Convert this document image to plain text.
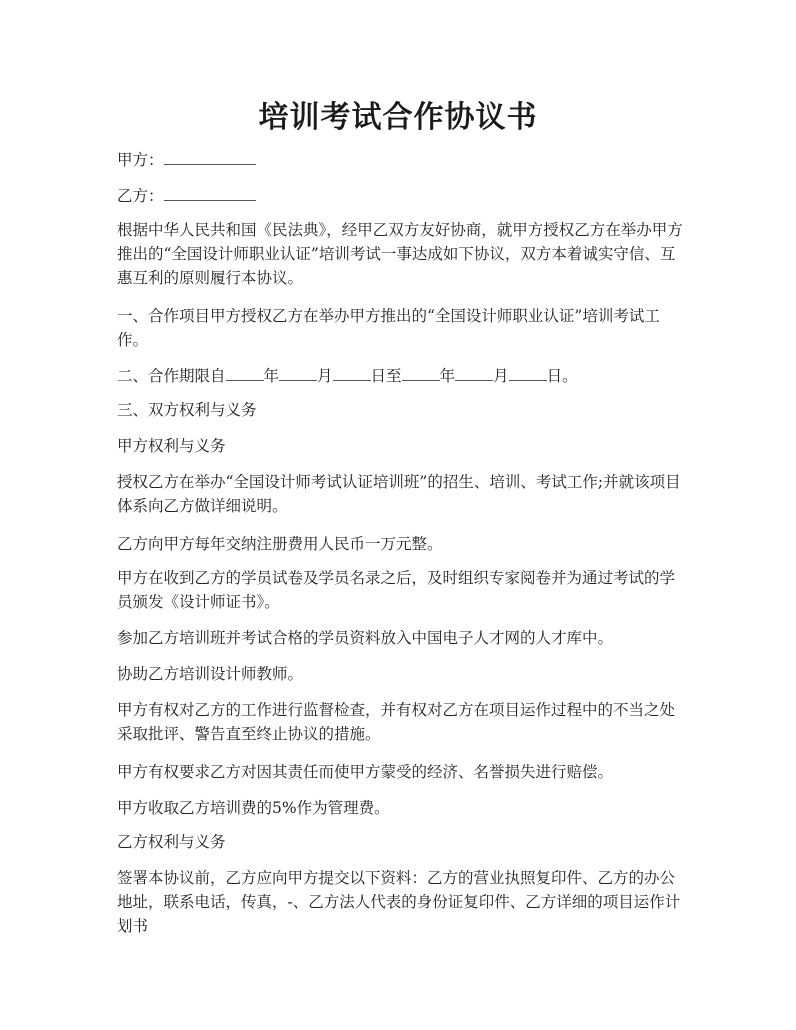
培训考试合作协议书

甲方：

乙方：

根据中华人民共和国《民法典》，经甲乙双方友好协商，就甲方授权乙方在举办甲方推出的“全国设计师职业认证”培训考试一事达成如下协议，双方本着诚实守信、互惠互利的原则履行本协议。

一、合作项目甲方授权乙方在举办甲方推出的“全国设计师职业认证”培训考试工作。

二、合作期限自 年 月 日至 年 月 日。

三、双方权利与义务

甲方权利与义务

授权乙方在举办“全国设计师考试认证培训班”的招生、培训、考试工作;并就该项目体系向乙方做详细说明。

乙方向甲方每年交纳注册费用人民币一万元整。

甲方在收到乙方的学员试卷及学员名录之后，及时组织专家阅卷并为通过考试的学员颁发《设计师证书》。

参加乙方培训班并考试合格的学员资料放入中国电子人才网的人才库中。

协助乙方培训设计师教师。

甲方有权对乙方的工作进行监督检查，并有权对乙方在项目运作过程中的不当之处采取批评、警告直至终止协议的措施。

甲方有权要求乙方对因其责任而使甲方蒙受的经济、名誉损失进行赔偿。

甲方收取乙方培训费的5%作为管理费。

乙方权利与义务

签署本协议前，乙方应向甲方提交以下资料：乙方的营业执照复印件、乙方的办公地址，联系电话，传真，-、乙方法人代表的身份证复印件、乙方详细的项目运作计划书
